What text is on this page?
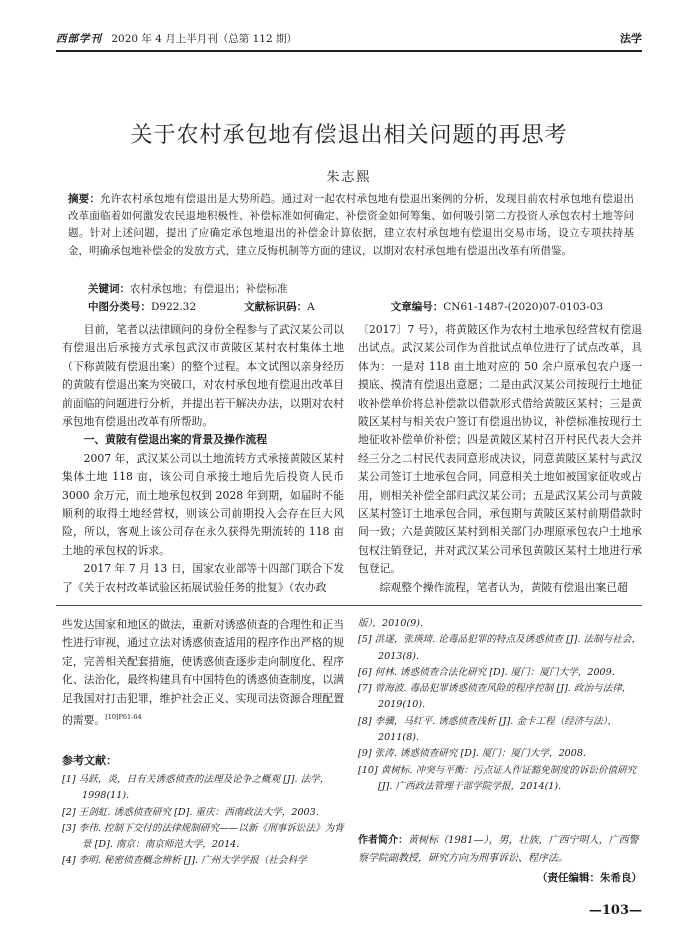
西部学刊 2020 年 4 月上半月刊（总第 112 期）	法学
关于农村承包地有偿退出相关问题的再思考
朱志熙

摘要：允许农村承包地有偿退出是大势所趋。通过对一起农村承包地有偿退出案例的分析，发现目前农村承包地有偿退出改革面临着如何激发农民退地积极性、补偿标准如何确定、补偿资金如何筹集、如何吸引第二方投资人承包农村土地等问题。针对上述问题，提出了应确定承包地退出的补偿金计算依据，建立农村承包地有偿退出交易市场，设立专项扶持基金，明确承包地补偿金的发放方式，建立反悔机制等方面的建议，以期对农村承包地有偿退出改革有所借鉴。

关键词：农村承包地；有偿退出；补偿标准
中图分类号：D922.32	文献标识码：A	文章编号：CN61-1487-(2020)07-0103-03

目前，笔者以法律顾问的身份全程参与了武汉某公司以有偿退出后承接方式承包武汉市黄陂区某村农村集体土地（下称黄陂有偿退出案）的整个过程。本文试图以亲身经历的黄陂有偿退出案为突破口，对农村承包地有偿退出改革目前面临的问题进行分析，并提出若干解决办法，以期对农村承包地有偿退出改革有所帮助。

一、黄陂有偿退出案的背景及操作流程

2007 年，武汉某公司以土地流转方式承接黄陂区某村集体土地 118 亩，该公司自承接土地后先后投资人民币 3000 余万元，而土地承包权到 2028 年到期，如届时不能顺利的取得土地经营权，则该公司前期投入会存在巨大风险，所以，客观上该公司存在永久获得先期流转的 118 亩土地的承包权的诉求。

2017 年 7 月 13 日，国家农业部等十四部门联合下发了《关于农村改革试验区拓展试验任务的批复》（农办政

〔2017〕7 号），将黄陂区作为农村土地承包经营权有偿退出试点。武汉某公司作为首批试点单位进行了试点改革，具体为：一是对 118 亩土地对应的 50 余户原承包农户逐一摸底、摸清有偿退出意愿；二是由武汉某公司按现行土地征收补偿单价将总补偿款以借款形式借给黄陂区某村；三是黄陂区某村与相关农户签订有偿退出协议，补偿标准按现行土地征收补偿单价补偿；四是黄陂区某村召开村民代表大会并经三分之二村民代表同意形成决议，同意黄陂区某村与武汉某公司签订土地承包合同，同意相关土地如被国家征收或占用，则相关补偿全部归武汉某公司；五是武汉某公司与黄陂区某村签订土地承包合同，承包期与黄陂区某村前期借款时间一致；六是黄陂区某村到相关部门办理原承包农户土地承包权注销登记，并对武汉某公司承包黄陂区某村土地进行承包登记。

综观整个操作流程，笔者认为，黄陂有偿退出案已超

些发达国家和地区的做法，重新对诱惑侦查的合理性和正当性进行审视，通过立法对诱惑侦查适用的程序作出严格的规定，完善相关配套措施，使诱惑侦查逐步走向制度化、程序化、法治化，最终构建具有中国特色的诱惑侦查制度，以满足我国对打击犯罪，维护社会正义、实现司法资源合理配置的需要。$^{[10]P61-64}$

参考文献：
[1] 马跃，炎，日有关诱惑侦查的法理及论争之概观 [J]. 法学，1998(11).
[2] 王剑虹. 诱惑侦查研究 [D]. 重庆：西南政法大学，2003.
[3] 李伟. 控制下交付的法律规制研究——以新《刑事诉讼法》为背景 [D]. 南京：南京师范大学，2014.
[4] 李明. 秘密侦查概念辨析 [J]. 广州大学学报（社会科学
版），2010(9).
[5] 洪遂，张瑛琦. 论毒品犯罪的特点及诱惑侦查 [J]. 法制与社会，2013(8).
[6] 何林. 诱惑侦查合法化研究 [D]. 厦门：厦门大学，2009.
[7] 曾海波. 毒品犯罪诱惑侦查风险的程序控制 [J]. 政治与法律，2019(10).
[8] 李骥，马红平. 诱惑侦查浅析 [J]. 金卡工程（经济与法），2011(8).
[9] 张涛. 诱惑侦查研究 [D]. 厦门：厦门大学，2008.
[10] 黄树标. 冲突与平衡：污点证人作证豁免制度的诉讼价值研究 [J]. 广西政法管理干部学院学报，2014(1).
作者简介：黄树标（1981—），男，壮族，广西宁明人，广西警察学院副教授，研究方向为刑事诉讼、程序法。
（责任编辑：朱希良）
—103—
